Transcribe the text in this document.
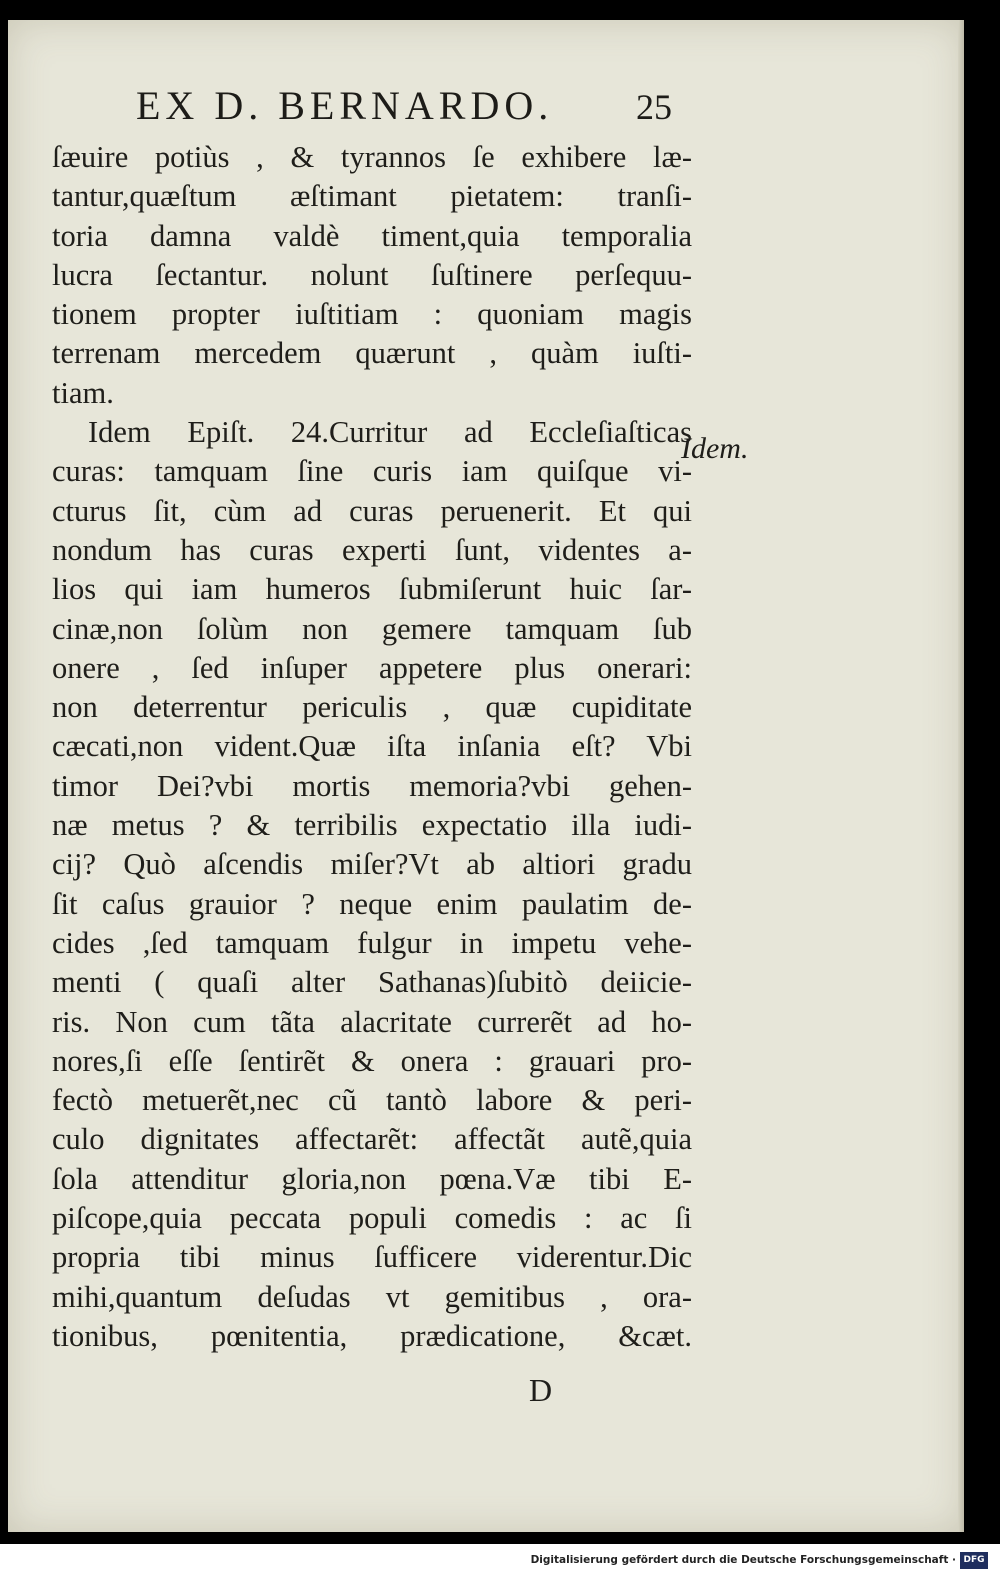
EX D. BERNARDO. 25
ſæuire potiùs , & tyrannos ſe exhibere læ-
tantur,quæſtum æſtimant pietatem: tranſi-
toria damna valdè timent,quia temporalia
lucra ſectantur. nolunt ſuſtinere perſequu-
tionem propter iuſtitiam : quoniam magis
terrenam mercedem quærunt , quàm iuſti-
tiam.
Idem Epiſt. 24.Curritur ad Eccleſiaſticas
curas: tamquam ſine curis iam quiſque vi-
cturus ſit, cùm ad curas peruenerit. Et qui
nondum has curas experti ſunt, videntes a-
lios qui iam humeros ſubmiſerunt huic ſar-
cinæ,non ſolùm non gemere tamquam ſub
onere , ſed inſuper appetere plus onerari:
non deterrentur periculis , quæ cupiditate
cæcati,non vident.Quæ iſta inſania eſt? Vbi
timor Dei?vbi mortis memoria?vbi gehen-
næ metus ? & terribilis expectatio illa iudi-
cij? Quò aſcendis miſer?Vt ab altiori gradu
ſit caſus grauior ? neque enim paulatim de-
cides ,ſed tamquam fulgur in impetu vehe-
menti ( quaſi alter Sathanas)ſubitò deiicie-
ris. Non cum tãta alacritate currerẽt ad ho-
nores,ſi eſſe ſentirẽt & onera : grauari pro-
fectò metuerẽt,nec cũ tantò labore & peri-
culo dignitates affectarẽt: affectãt autẽ,quia
ſola attenditur gloria,non pœna.Væ tibi E-
piſcope,quia peccata populi comedis : ac ſi
propria tibi minus ſufficere viderentur.Dic
mihi,quantum deſudas vt gemitibus , ora-
tionibus, pœnitentia, prædicatione, &cæt.
Idem.
D
Digitalisierung gefördert durch die Deutsche Forschungsgemeinschaft · DFG
